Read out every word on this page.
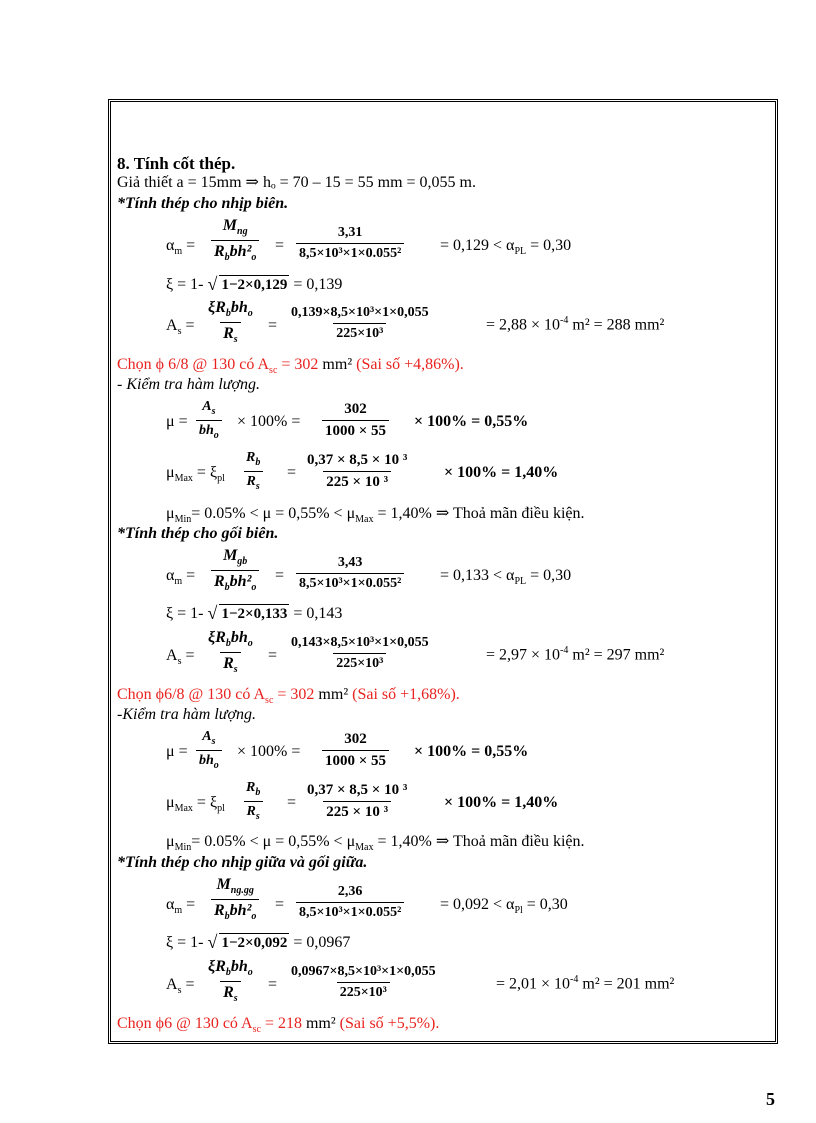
8. Tính cốt thép.
Giả thiết a = 15mm ⇒ hₒ = 70 – 15 = 55 mm = 0,055 m.
*Tính thép cho nhịp biên.
$\alpha_m$ =
$M_{ng}$
$R_bbh^2_o$
= $\frac{3,31}{\text{8,5×10³×1×0.055²}} = 0,129 < \alpha_{PL} = 0,30$
ξ = 1- √ 1−2×0,129 = 0,139
$A_s$ =
$\xi R_bbh_o$
$R_s$
= $\frac{\text{0,139×8,5×10³×1×0,055}}{\text{225×10³}}$	= $2,88 \times 10^{-4}$ m² = 288 mm²
Chọn ϕ 6/8 @ 130 có $A_{sc} = 302$ mm² (Sai số +4,86%).
- Kiểm tra hàm lượng.
μ =
$A_s$
$bh_o$
× $100\% = \frac{302}{1000 \times 55} \times 100\% = 0,55\%$
$\mu_{Max} = \xi_{pl} \frac{R_b}{R_s} = \frac{\text{0,37 × 8,5 × 10 ³}}{\text{225 × 10 ³}} \times 100\% = 1,40\%$
$\mu_{Min}= 0.05\% < \mu = 0,55\% < \mu_{Max} = 1,40\%$ ⇒ Thoả mãn điều kiện.
*Tính thép cho gối biên.
$\alpha_m$ =
$M_{gb}$
$R_bbh^2_o$
= $\frac{3,43}{\text{8,5×10³×1×0.055²}} = 0,133 < \alpha_{PL} = 0,30$
ξ = 1- √ 1−2×0,133 = 0,143
$A_s$ =
$\xi R_bbh_o$
$R_s$
= $\frac{\text{0,143×8,5×10³×1×0,055}}{\text{225×10³}}$	= $2,97 \times 10^{-4}$ m² = 297 mm²
Chọn ϕ6/8 @ 130 có $A_{sc} = 302$ mm² (Sai số +1,68%).
-Kiểm tra hàm lượng.
μ =
$A_s$
$bh_o$
× $100\% = \frac{302}{1000 \times 55} \times 100\% = 0,55\%$
$\mu_{Max} = \xi_{pl} \frac{R_b}{R_s} = \frac{\text{0,37 × 8,5 × 10 ³}}{\text{225 × 10 ³}} \times 100\% = 1,40\%$
$\mu_{Min}= 0.05\% < \mu = 0,55\% < \mu_{Max} = 1,40\%$ ⇒ Thoả mãn điều kiện.
*Tính thép cho nhịp giữa và gối giữa.
$\alpha_m$ =
$M_{ng.gg}$
$R_bbh^2_o$
= $\frac{2,36}{\text{8,5×10³×1×0.055²}} = 0,092 < \alpha_{Pl} = 0,30$
ξ = 1- √ 1−2×0,092 = 0,0967
$A_s$ =
$\xi R_bbh_o$
$R_s$
= $\frac{\text{0,0967×8,5×10³×1×0,055}}{\text{225×10³}}$	= $2,01 \times 10^{-4}$ m² = 201 mm²
Chọn ϕ6 @ 130 có $A_{sc} = 218$ mm² (Sai số +5,5%).
5
